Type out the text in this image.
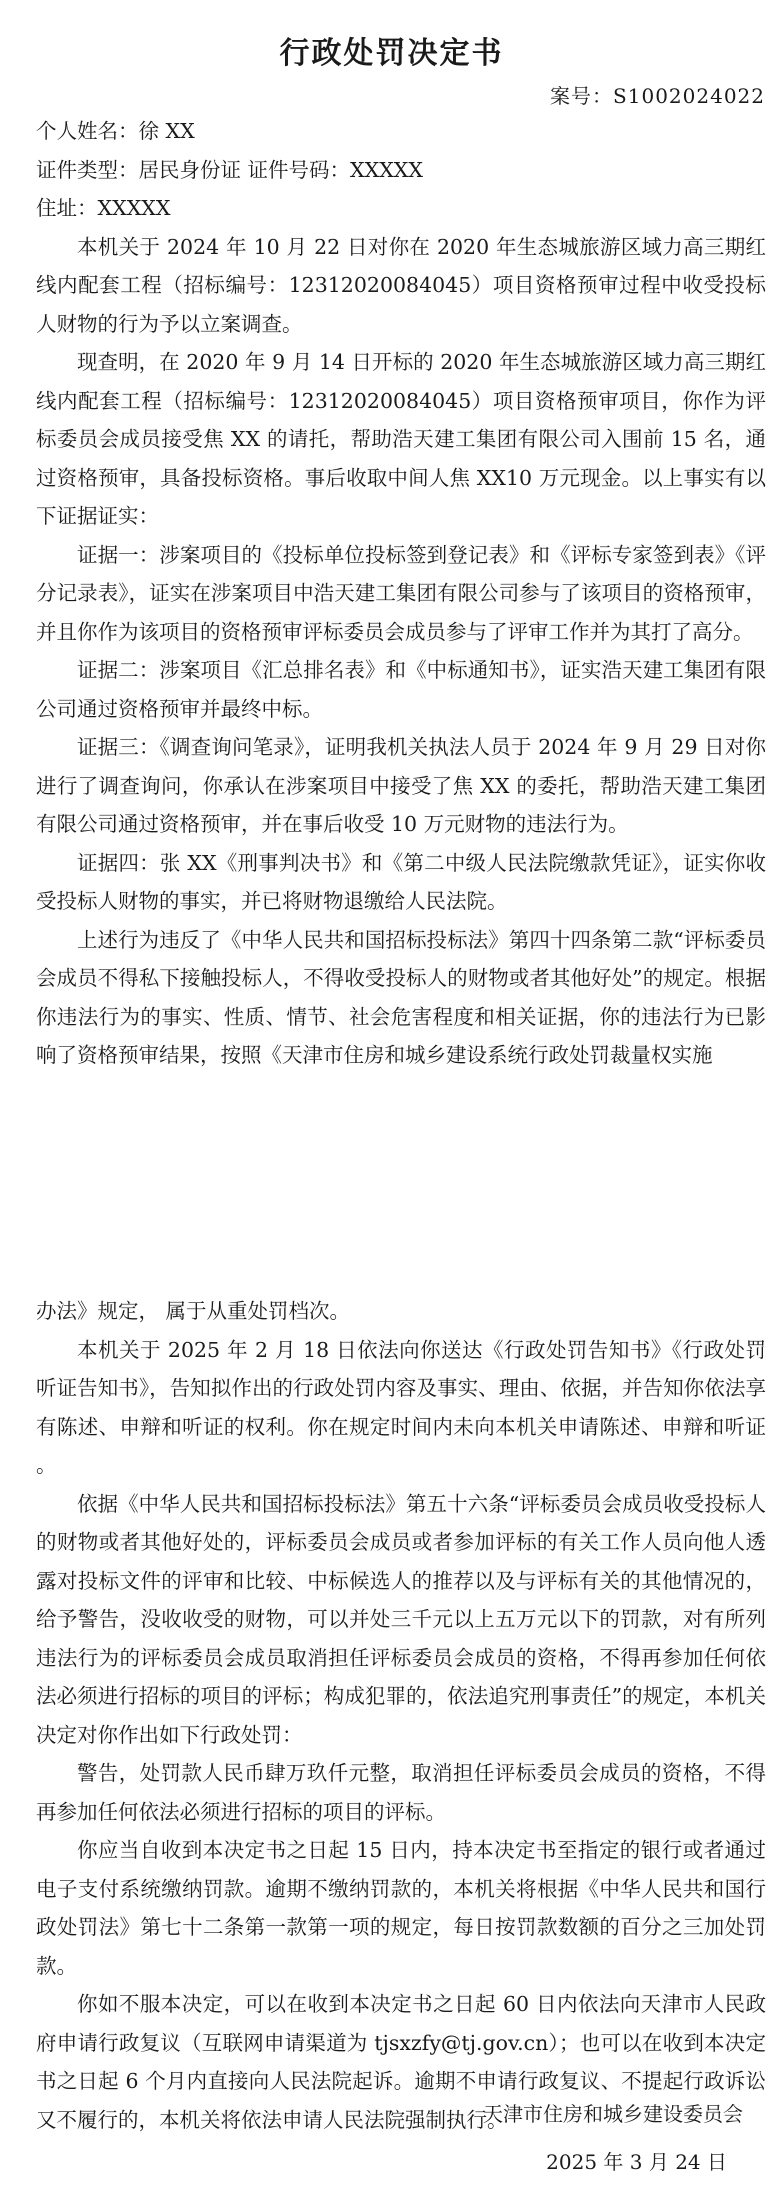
行政处罚决定书
案号：S1002024022
个人姓名：徐 XX
证件类型：居民身份证 证件号码：XXXXX
住址：XXXXX
本机关于 2024 年 10 月 22 日对你在 2020 年生态城旅游区域力高三期红线内配套工程（招标编号：12312020084045）项目资格预审过程中收受投标人财物的行为予以立案调查。
现查明，在 2020 年 9 月 14 日开标的 2020 年生态城旅游区域力高三期红线内配套工程（招标编号：12312020084045）项目资格预审项目，你作为评标委员会成员接受焦 XX 的请托，帮助浩天建工集团有限公司入围前 15 名，通过资格预审，具备投标资格。事后收取中间人焦 XX10 万元现金。以上事实有以下证据证实：
证据一：涉案项目的《投标单位投标签到登记表》和《评标专家签到表》《评分记录表》，证实在涉案项目中浩天建工集团有限公司参与了该项目的资格预审，并且你作为该项目的资格预审评标委员会成员参与了评审工作并为其打了高分。
证据二：涉案项目《汇总排名表》和《中标通知书》，证实浩天建工集团有限公司通过资格预审并最终中标。
证据三：《调查询问笔录》，证明我机关执法人员于 2024 年 9 月 29 日对你进行了调查询问，你承认在涉案项目中接受了焦 XX 的委托，帮助浩天建工集团有限公司通过资格预审，并在事后收受 10 万元财物的违法行为。
证据四：张 XX《刑事判决书》和《第二中级人民法院缴款凭证》，证实你收受投标人财物的事实，并已将财物退缴给人民法院。
上述行为违反了《中华人民共和国招标投标法》第四十四条第二款“评标委员会成员不得私下接触投标人，不得收受投标人的财物或者其他好处”的规定。根据你违法行为的事实、性质、情节、社会危害程度和相关证据，你的违法行为已影响了资格预审结果，按照《天津市住房和城乡建设系统行政处罚裁量权实施
办法》规定， 属于从重处罚档次。
本机关于 2025 年 2 月 18 日依法向你送达《行政处罚告知书》《行政处罚听证告知书》，告知拟作出的行政处罚内容及事实、理由、依据，并告知你依法享有陈述、申辩和听证的权利。你在规定时间内未向本机关申请陈述、申辩和听证 。
依据《中华人民共和国招标投标法》第五十六条“评标委员会成员收受投标人的财物或者其他好处的，评标委员会成员或者参加评标的有关工作人员向他人透露对投标文件的评审和比较、中标候选人的推荐以及与评标有关的其他情况的，给予警告，没收收受的财物，可以并处三千元以上五万元以下的罚款，对有所列违法行为的评标委员会成员取消担任评标委员会成员的资格，不得再参加任何依法必须进行招标的项目的评标；构成犯罪的，依法追究刑事责任”的规定，本机关决定对你作出如下行政处罚：
警告，处罚款人民币肆万玖仟元整，取消担任评标委员会成员的资格，不得再参加任何依法必须进行招标的项目的评标。
你应当自收到本决定书之日起 15 日内，持本决定书至指定的银行或者通过电子支付系统缴纳罚款。逾期不缴纳罚款的，本机关将根据《中华人民共和国行政处罚法》第七十二条第一款第一项的规定，每日按罚款数额的百分之三加处罚款。
你如不服本决定，可以在收到本决定书之日起 60 日内依法向天津市人民政府申请行政复议（互联网申请渠道为 tjsxzfy@tj.gov.cn）；也可以在收到本决定书之日起 6 个月内直接向人民法院起诉。逾期不申请行政复议、不提起行政诉讼又不履行的，本机关将依法申请人民法院强制执行。
天津市住房和城乡建设委员会
2025 年 3 月 24 日
